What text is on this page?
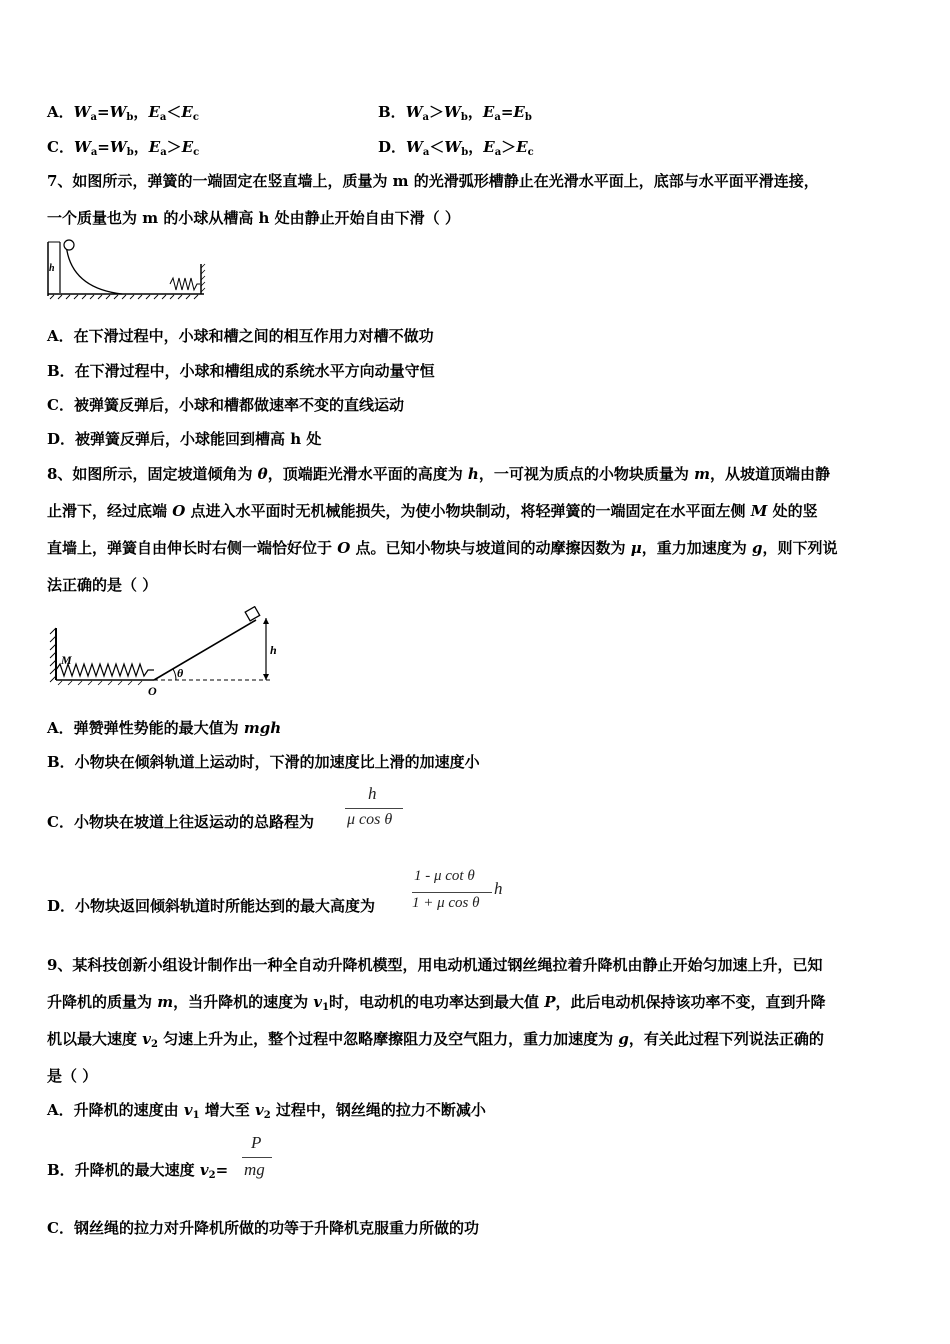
A．$W_a=W_b$，$E_a<E_c$	B．$W_a>W_b$，$E_a=E_b$
C．$W_a=W_b$，$E_a>E_c$	D．$W_a<W_b$，$E_a>E_c$
7、如图所示，弹簧的一端固定在竖直墙上，质量为 m 的光滑弧形槽静止在光滑水平面上，底部与水平面平滑连接，
一个质量也为 m 的小球从槽高 h 处由静止开始自由下滑（ ）
h
A．在下滑过程中，小球和槽之间的相互作用力对槽不做功
B．在下滑过程中，小球和槽组成的系统水平方向动量守恒
C．被弹簧反弹后，小球和槽都做速率不变的直线运动
D．被弹簧反弹后，小球能回到槽高 h 处
8、如图所示，固定坡道倾角为 θ，顶端距光滑水平面的高度为 h，一可视为质点的小物块质量为 m，从坡道顶端由静
止滑下，经过底端 O 点进入水平面时无机械能损失，为使小物块制动，将轻弹簧的一端固定在水平面左侧 M 处的竖
直墙上，弹簧自由伸长时右侧一端恰好位于 O 点。已知小物块与坡道间的动摩擦因数为 μ，重力加速度为 g，则下列说
法正确的是（ ）
M
O
θ
h
A．弹赞弹性势能的最大值为 mgh
B．小物块在倾斜轨道上运动时，下滑的加速度比上滑的加速度小
C．小物块在坡道上往返运动的总路程为
h
μ cos θ
D．小物块返回倾斜轨道时所能达到的最大高度为
1 - μ cot θ
1 + μ cos θ
h
9、某科技创新小组设计制作出一种全自动升降机模型，用电动机通过钢丝绳拉着升降机由静止开始匀加速上升，已知
升降机的质量为 m，当升降机的速度为 $v_1$时，电动机的电功率达到最大值 P，此后电动机保持该功率不变，直到升降
机以最大速度 $v_2$ 匀速上升为止，整个过程中忽略摩擦阻力及空气阻力，重力加速度为 g，有关此过程下列说法正确的
是（ ）
A．升降机的速度由 $v_1$ 增大至 $v_2$ 过程中，钢丝绳的拉力不断减小
B．升降机的最大速度 $v_2=$
P
mg
C．钢丝绳的拉力对升降机所做的功等于升降机克服重力所做的功
